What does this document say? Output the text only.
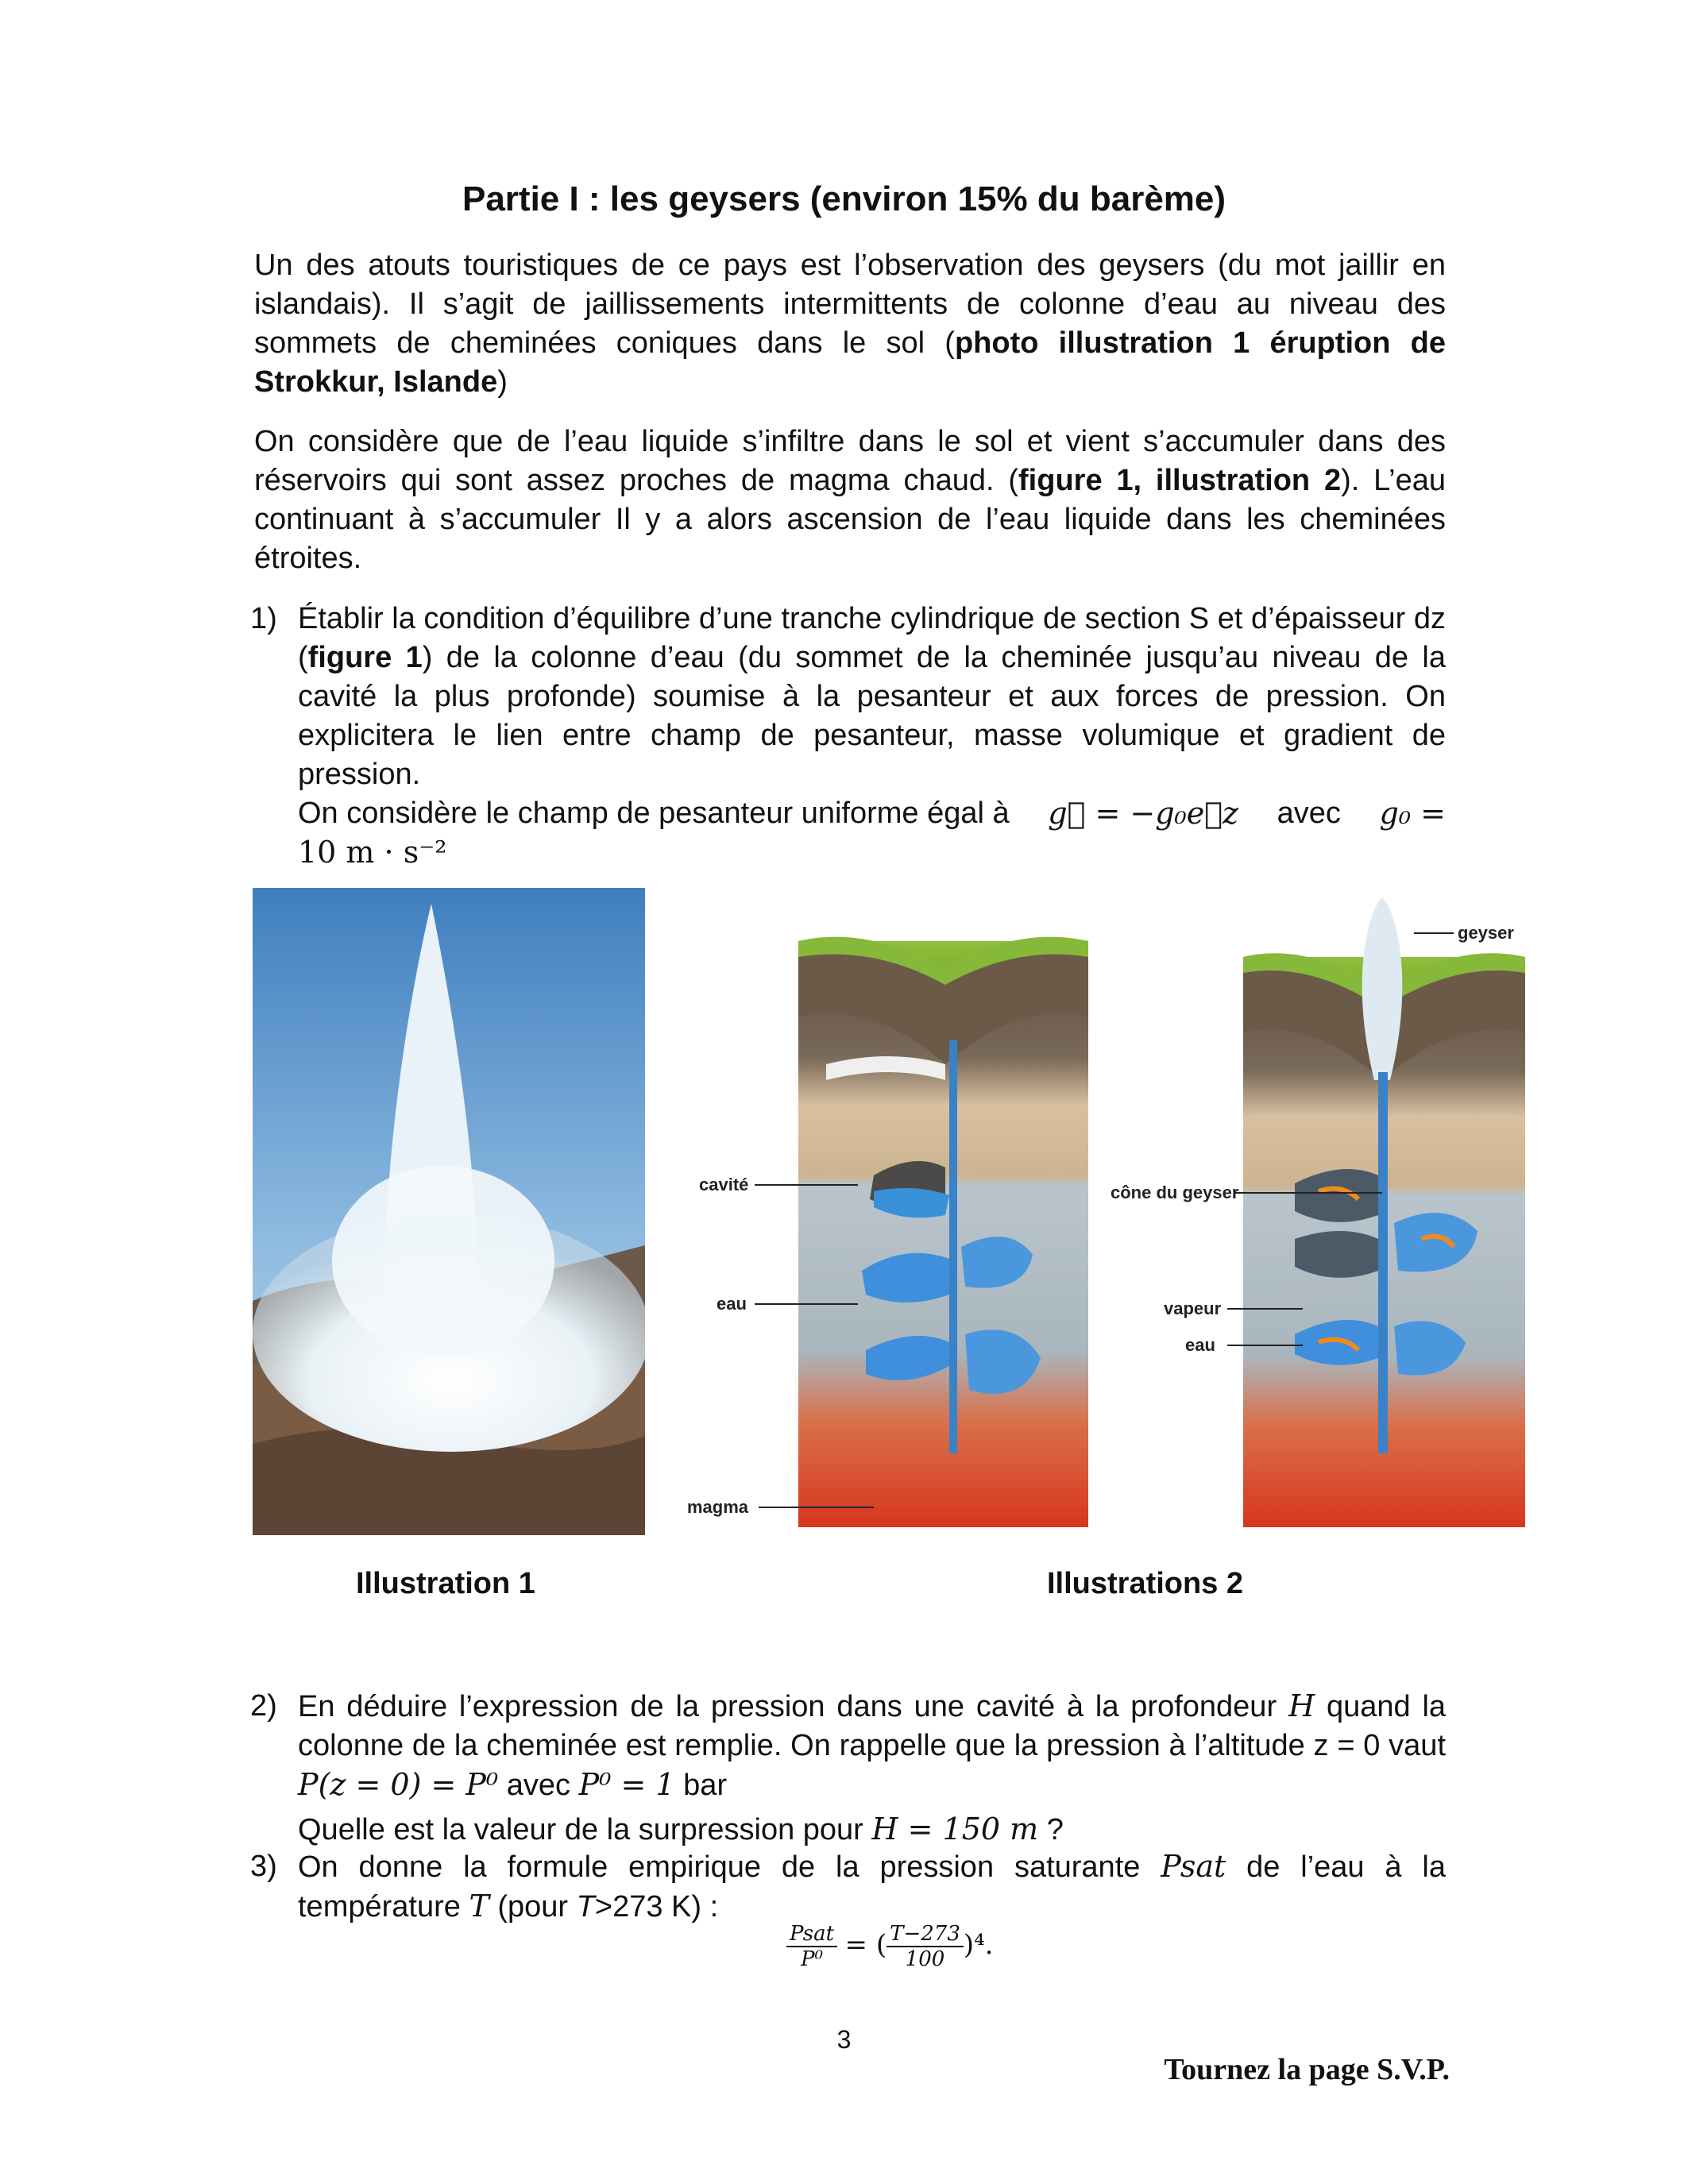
Partie I : les geysers (environ 15% du barème)
Un des atouts touristiques de ce pays est l’observation des geysers (du mot jaillir en islandais). Il s’agit de jaillissements intermittents de colonne d’eau au niveau des sommets de cheminées coniques dans le sol (photo illustration 1 éruption de Strokkur, Islande)
On considère que de l’eau liquide s’infiltre dans le sol et vient s’accumuler dans des réservoirs qui sont assez proches de magma chaud. (figure 1, illustration 2). L’eau continuant à s’accumuler Il y a alors ascension de l’eau liquide dans les cheminées étroites.
1) Établir la condition d’équilibre d’une tranche cylindrique de section S et d’épaisseur dz (figure 1) de la colonne d’eau (du sommet de la cheminée jusqu’au niveau de la cavité la plus profonde) soumise à la pesanteur et aux forces de pression. On explicitera le lien entre champ de pesanteur, masse volumique et gradient de pression.
On considère le champ de pesanteur uniforme égal à g⃗ = −g₀e⃗z avec g₀ =
10 m · s⁻²
cavité
eau
magma
geyser
cône du geyser
vapeur
eau
Illustration 1	Illustrations 2
2) En déduire l’expression de la pression dans une cavité à la profondeur H quand la colonne de la cheminée est remplie. On rappelle que la pression à l’altitude z = 0 vaut P(z = 0) = P⁰ avec P⁰ = 1 bar
Quelle est la valeur de la surpression pour H = 150 m ?
3) On donne la formule empirique de la pression saturante Psat de l’eau à la température T (pour T>273 K) :
$\frac{\text{Psat}}{\text{P⁰}}$ = ( $\frac{T-273}{100} )^4$.
3
Tournez la page S.V.P.
